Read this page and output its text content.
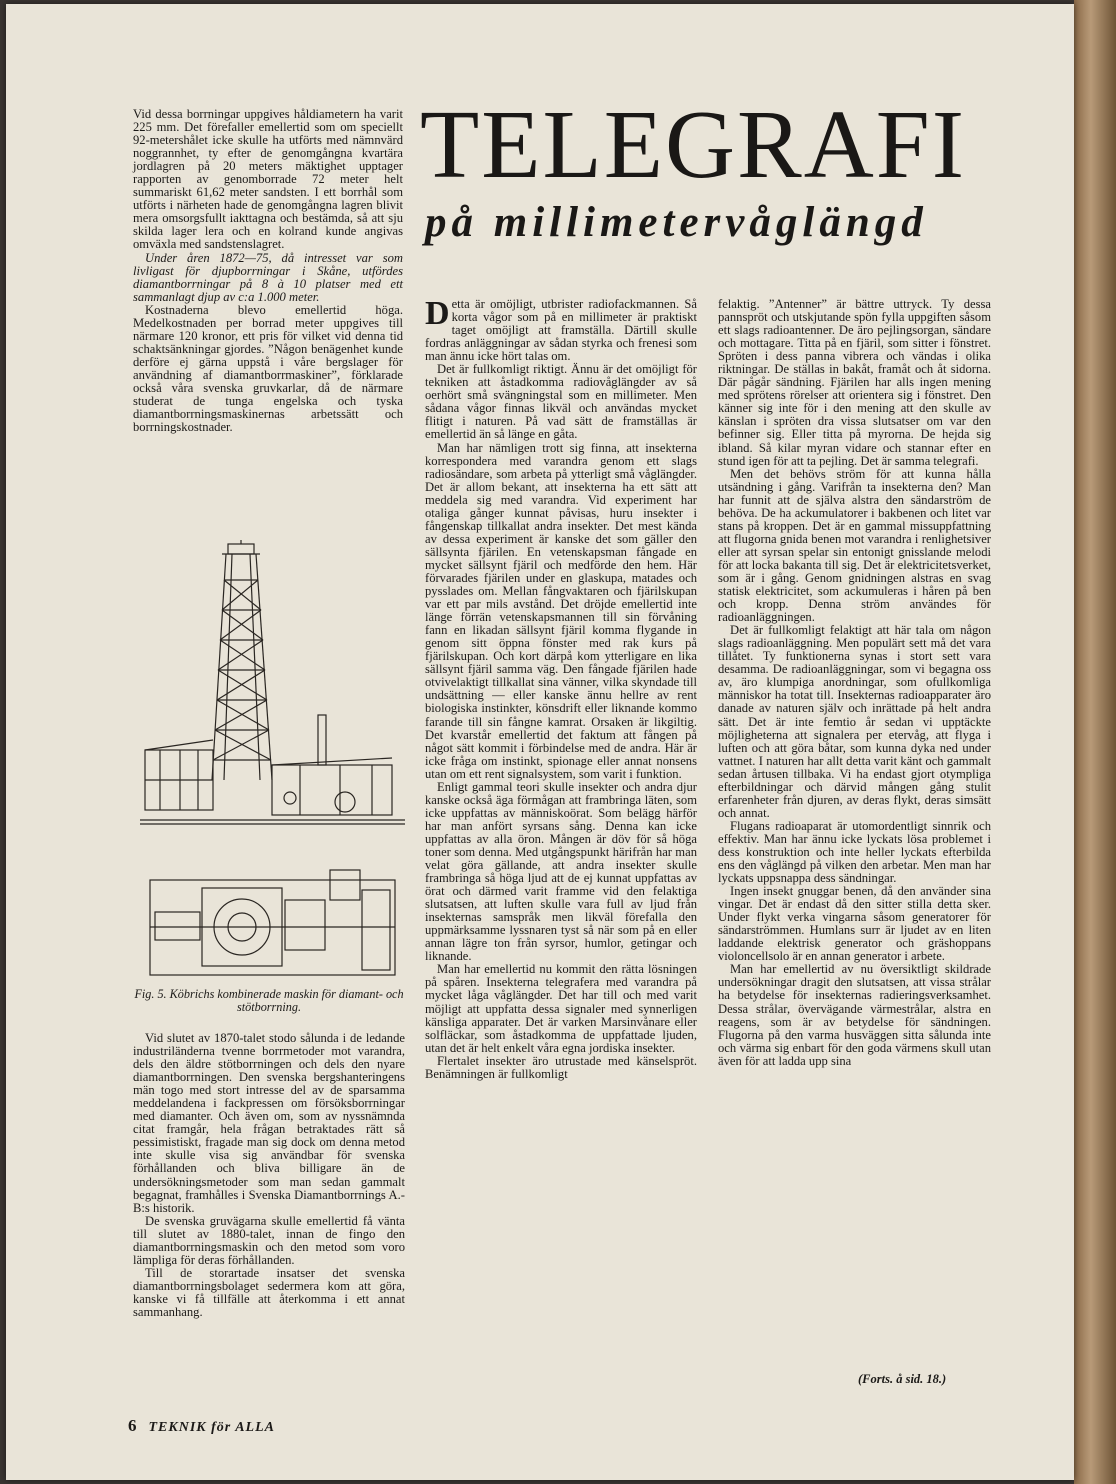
Vid dessa borrningar uppgives håldiametern ha varit 225 mm. Det förefaller emellertid som om speciellt 92-metershålet icke skulle ha utförts med nämnvärd noggrannhet, ty efter de genomgångna kvartära jordlagren på 20 meters mäktighet upptager rapporten av genomborrade 72 meter helt summariskt 61,62 meter sandsten. I ett borrhål som utförts i närheten hade de genomgångna lagren blivit mera omsorgsfullt iakttagna och bestämda, så att sju skilda lager lera och en kolrand kunde angivas omväxla med sandstenslagret.

Under åren 1872—75, då intresset var som livligast för djupborrningar i Skåne, utfördes diamantborrningar på 8 à 10 platser med ett sammanlagt djup av c:a 1.000 meter.

Kostnaderna blevo emellertid höga. Medelkostnaden per borrad meter uppgives till närmare 120 kronor, ett pris för vilket vid denna tid schaktsänkningar gjordes. ”Någon benägenhet kunde derföre ej gärna uppstå i våre bergslager för användning af diamantborrmaskiner”, förklarade också våra svenska gruvkarlar, då de närmare studerat de tunga engelska och tyska diamantborrningsmaskinernas arbetssätt och borrningskostnader.

Fig. 5. Köbrichs kombinerade maskin för diamant- och stötborrning.

Vid slutet av 1870-talet stodo sålunda i de ledande industriländerna tvenne borrmetoder mot varandra, dels den äldre stötborrningen och dels den nyare diamantborrningen. Den svenska bergshanteringens män togo med stort intresse del av de sparsamma meddelandena i fackpressen om försöksborrningar med diamanter. Och även om, som av nyssnämnda citat framgår, hela frågan betraktades rätt så pessimistiskt, fragade man sig dock om denna metod inte skulle visa sig användbar för svenska förhållanden och bliva billigare än de undersökningsmetoder som man sedan gammalt begagnat, framhålles i Svenska Diamantborrnings A.-B:s historik.

De svenska gruvägarna skulle emellertid få vänta till slutet av 1880-talet, innan de fingo den diamantborrningsmaskin och den metod som voro lämpliga för deras förhållanden.

Till de storartade insatser det svenska diamantborrningsbolaget sedermera kom att göra, kanske vi få tillfälle att återkomma i ett annat sammanhang.

TELEGRAFI
på millimetervåglängd

Detta är omöjligt, utbrister radiofackmannen. Så korta vågor som på en millimeter är praktiskt taget omöjligt att framställa. Därtill skulle fordras anläggningar av sådan styrka och frenesi som man ännu icke hört talas om.

Det är fullkomligt riktigt. Ännu är det omöjligt för tekniken att åstadkomma radiovåglängder av så oerhört små svängningstal som en millimeter. Men sådana vågor finnas likväl och användas mycket flitigt i naturen. På vad sätt de framställas är emellertid än så länge en gåta.

Man har nämligen trott sig finna, att insekterna korrespondera med varandra genom ett slags radiosändare, som arbeta på ytterligt små våglängder. Det är allom bekant, att insekterna ha ett sätt att meddela sig med varandra. Vid experiment har otaliga gånger kunnat påvisas, huru insekter i fångenskap tillkallat andra insekter. Det mest kända av dessa experiment är kanske det som gäller den sällsynta fjärilen. En vetenskapsman fångade en mycket sällsynt fjäril och medförde den hem. Här förvarades fjärilen under en glaskupa, matades och pysslades om. Mellan fångvaktaren och fjärilskupan var ett par mils avstånd. Det dröjde emellertid inte länge förrän vetenskapsmannen till sin förvåning fann en likadan sällsynt fjäril komma flygande in genom sitt öppna fönster med rak kurs på fjärilskupan. Och kort därpå kom ytterligare en lika sällsynt fjäril samma väg. Den fångade fjärilen hade otvivelaktigt tillkallat sina vänner, vilka skyndade till undsättning — eller kanske ännu hellre av rent biologiska instinkter, könsdrift eller liknande kommo farande till sin fångne kamrat. Orsaken är likgiltig. Det kvarstår emellertid det faktum att fången på något sätt kommit i förbindelse med de andra. Här är icke fråga om instinkt, spionage eller annat nonsens utan om ett rent signalsystem, som varit i funktion.

Enligt gammal teori skulle insekter och andra djur kanske också äga förmågan att frambringa läten, som icke uppfattas av människoörat. Som belägg härför har man anfört syrsans sång. Denna kan icke uppfattas av alla öron. Mången är döv för så höga toner som denna. Med utgångspunkt härifrån har man velat göra gällande, att andra insekter skulle frambringa så höga ljud att de ej kunnat uppfattas av örat och därmed varit framme vid den felaktiga slutsatsen, att luften skulle vara full av ljud från insekternas samspråk men likväl förefalla den uppmärksamme lyssnaren tyst så när som på en eller annan lägre ton från syrsor, humlor, getingar och liknande.

Man har emellertid nu kommit den rätta lösningen på spåren. Insekterna telegrafera med varandra på mycket låga våglängder. Det har till och med varit möjligt att uppfatta dessa signaler med synnerligen känsliga apparater. Det är varken Marsinvånare eller solfläckar, som åstadkomma de uppfattade ljuden, utan det är helt enkelt våra egna jordiska insekter.

Flertalet insekter äro utrustade med känselspröt. Benämningen är fullkomligt

felaktig. ”Antenner” är bättre uttryck. Ty dessa pannspröt och utskjutande spön fylla uppgiften såsom ett slags radioantenner. De äro pejlingsorgan, sändare och mottagare. Titta på en fjäril, som sitter i fönstret. Spröten i dess panna vibrera och vändas i olika riktningar. De ställas in bakåt, framåt och åt sidorna. Där pågår sändning. Fjärilen har alls ingen mening med sprötens rörelser att orientera sig i fönstret. Den känner sig inte för i den mening att den skulle av känslan i spröten dra vissa slutsatser om var den befinner sig. Eller titta på myrorna. De hejda sig ibland. Så kilar myran vidare och stannar efter en stund igen för att ta pejling. Det är samma telegrafi.

Men det behövs ström för att kunna hålla utsändning i gång. Varifrån ta insekterna den? Man har funnit att de själva alstra den sändarström de behöva. De ha ackumulatorer i bakbenen och litet var stans på kroppen. Det är en gammal missuppfattning att flugorna gnida benen mot varandra i renlighetsiver eller att syrsan spelar sin entonigt gnisslande melodi för att locka bakanta till sig. Det är elektricitetsverket, som är i gång. Genom gnidningen alstras en svag statisk elektricitet, som ackumuleras i håren på ben och kropp. Denna ström användes för radioanläggningen.

Det är fullkomligt felaktigt att här tala om någon slags radioanläggning. Men populärt sett må det vara tillåtet. Ty funktionerna synas i stort sett vara desamma. De radioanläggningar, som vi begagna oss av, äro klumpiga anordningar, som ofullkomliga människor ha totat till. Insekternas radioapparater äro danade av naturen själv och inrättade på helt andra sätt. Det är inte femtio år sedan vi upptäckte möjligheterna att signalera per etervåg, att flyga i luften och att göra båtar, som kunna dyka ned under vattnet. I naturen har allt detta varit känt och gammalt sedan årtusen tillbaka. Vi ha endast gjort otympliga efterbildningar och därvid mången gång stulit erfarenheter från djuren, av deras flykt, deras simsätt och annat.

Flugans radioaparat är utomordentligt sinnrik och effektiv. Man har ännu icke lyckats lösa problemet i dess konstruktion och inte heller lyckats efterbilda ens den våglängd på vilken den arbetar. Men man har lyckats uppsnappa dess sändningar.

Ingen insekt gnuggar benen, då den använder sina vingar. Det är endast då den sitter stilla detta sker. Under flykt verka vingarna såsom generatorer för sändarströmmen. Humlans surr är ljudet av en liten laddande elektrisk generator och gräshoppans violoncellsolo är en annan generator i arbete.

Man har emellertid av nu översiktligt skildrade undersökningar dragit den slutsatsen, att vissa strålar ha betydelse för insekternas radieringsverksamhet. Dessa strålar, övervägande värmestrålar, alstra en reagens, som är av betydelse för sändningen. Flugorna på den varma husväggen sitta sålunda inte och värma sig enbart för den goda värmens skull utan även för att ladda upp sina

(Forts. å sid. 18.)
6 TEKNIK för ALLA
